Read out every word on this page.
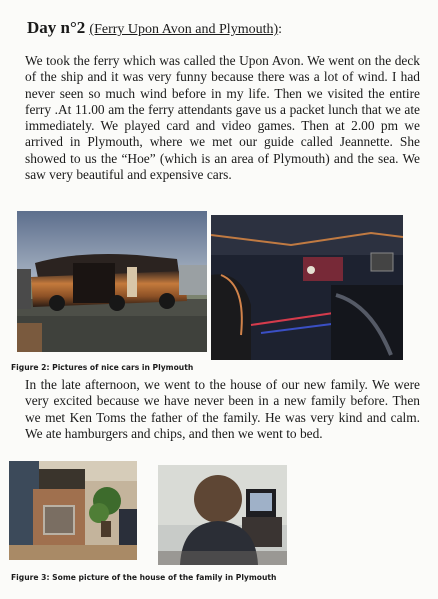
Day n°2 (Ferry Upon Avon and Plymouth):

We took the ferry which was called the Upon Avon. We went on the deck of the ship and it was very funny because there was a lot of wind. I had never seen so much wind before in my life. Then we visited the entire ferry .At 11.00 am the ferry attendants gave us a packet lunch that we ate immediately. We played card and video games. Then at 2.00 pm we arrived in Plymouth, where we met our guide called Jeannette. She showed to us the “Hoe” (which is an area of Plymouth) and the sea. We saw very beautiful and expensive cars.

Figure 2: Pictures of nice cars in Plymouth

In the late afternoon, we went to the house of our new family. We were very excited because we have never been in a new family before. Then we met Ken Toms the father of the family. He was very kind and calm. We ate hamburgers and chips, and then we went to bed.

Figure 3: Some picture of the house of the family in Plymouth
